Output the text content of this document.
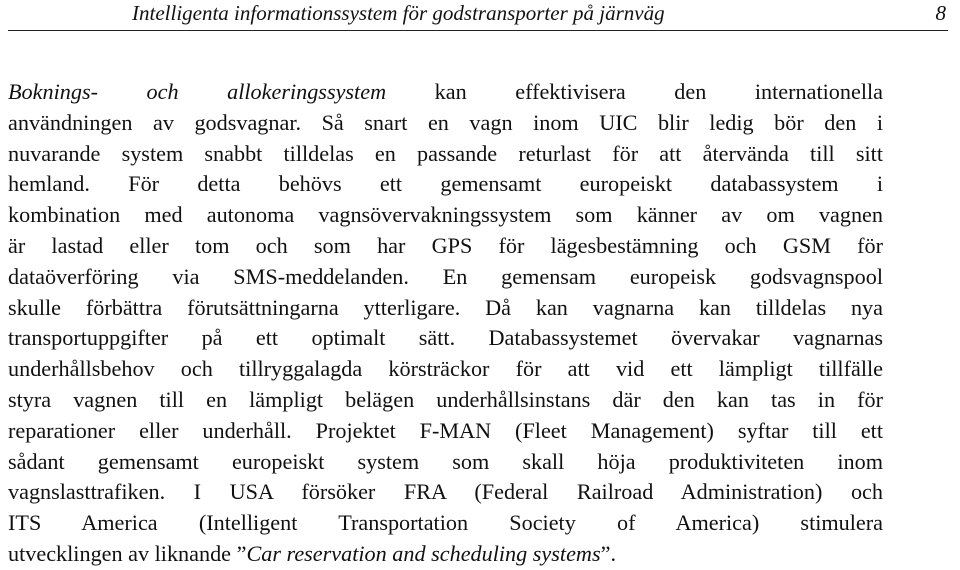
Intelligenta informationssystem för godstransporter på järnväg	8
Boknings- och allokeringssystem kan effektivisera den internationella
användningen av godsvagnar. Så snart en vagn inom UIC blir ledig bör den i
nuvarande system snabbt tilldelas en passande returlast för att återvända till sitt
hemland. För detta behövs ett gemensamt europeiskt databassystem i
kombination med autonoma vagnsövervakningssystem som känner av om vagnen
är lastad eller tom och som har GPS för lägesbestämning och GSM för
dataöverföring via SMS-meddelanden. En gemensam europeisk godsvagnspool
skulle förbättra förutsättningarna ytterligare. Då kan vagnarna kan tilldelas nya
transportuppgifter på ett optimalt sätt. Databassystemet övervakar vagnarnas
underhållsbehov och tillryggalagda körsträckor för att vid ett lämpligt tillfälle
styra vagnen till en lämpligt belägen underhållsinstans där den kan tas in för
reparationer eller underhåll. Projektet F-MAN (Fleet Management) syftar till ett
sådant gemensamt europeiskt system som skall höja produktiviteten inom
vagnslasttrafiken. I USA försöker FRA (Federal Railroad Administration) och
ITS America (Intelligent Transportation Society of America) stimulera
utvecklingen av liknande ”Car reservation and scheduling systems”.
